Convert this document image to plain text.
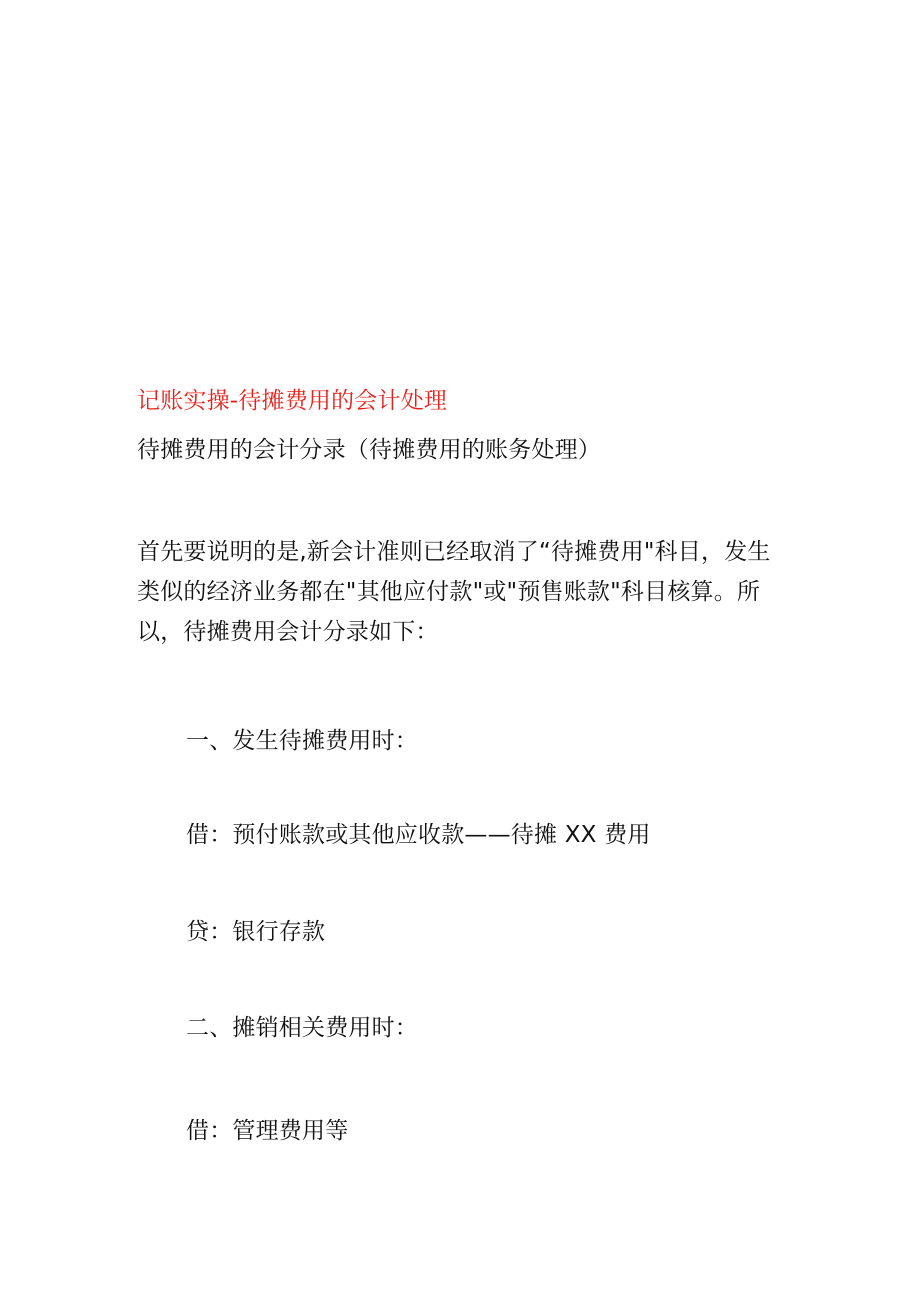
记账实操-待摊费用的会计处理
待摊费用的会计分录（待摊费用的账务处理）
首先要说明的是,新会计准则已经取消了“待摊费用"科目，发生
类似的经济业务都在"其他应付款"或"预售账款"科目核算。所
以，待摊费用会计分录如下：
一、发生待摊费用时：
借：预付账款或其他应收款——待摊 XX 费用
贷：银行存款
二、摊销相关费用时：
借：管理费用等
